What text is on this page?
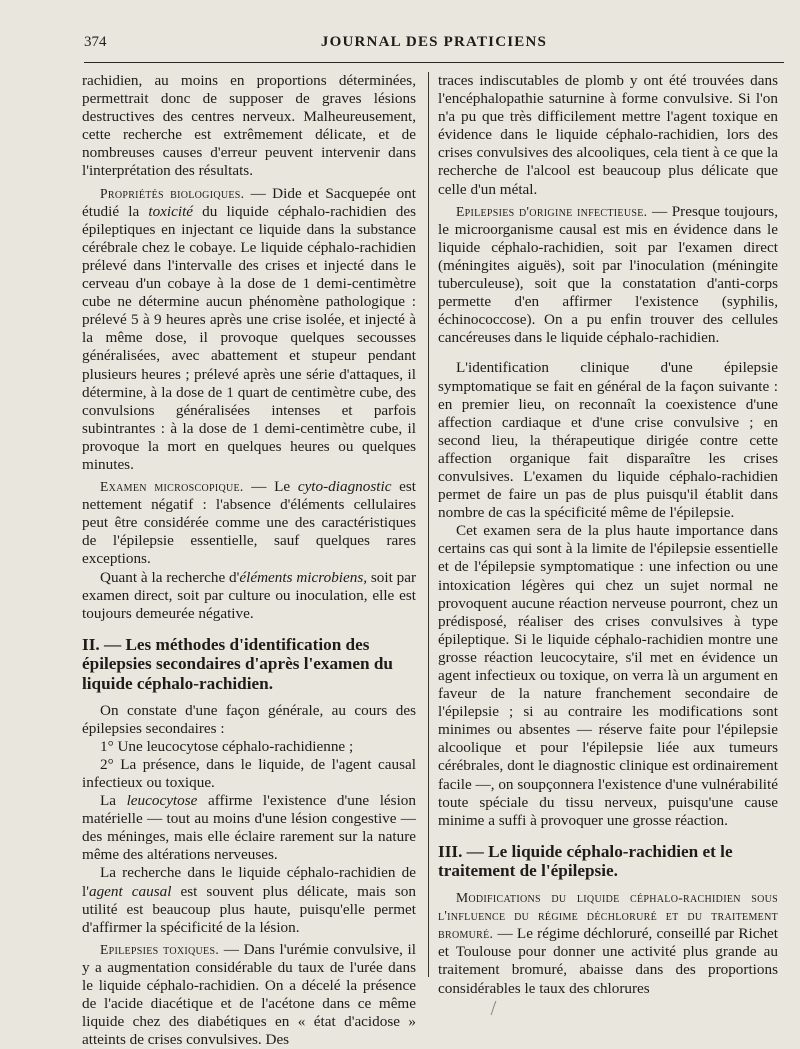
374	JOURNAL DES PRATICIENS

rachidien, au moins en proportions déterminées, permettrait donc de supposer de graves lésions destructives des centres nerveux. Malheureusement, cette recherche est extrêmement délicate, et de nombreuses causes d'erreur peuvent intervenir dans l'interprétation des résultats.

Propriétés biologiques. — Dide et Sacquepée ont étudié la toxicité du liquide céphalo-rachidien des épileptiques en injectant ce liquide dans la substance cérébrale chez le cobaye. Le liquide céphalo-rachidien prélevé dans l'intervalle des crises et injecté dans le cerveau d'un cobaye à la dose de 1 demi-centimètre cube ne détermine aucun phénomène pathologique : prélevé 5 à 9 heures après une crise isolée, et injecté à la même dose, il provoque quelques secousses généralisées, avec abattement et stupeur pendant plusieurs heures ; prélevé après une série d'attaques, il détermine, à la dose de 1 quart de centimètre cube, des convulsions généralisées intenses et parfois subintrantes : à la dose de 1 demi-centimètre cube, il provoque la mort en quelques heures ou quelques minutes.

Examen microscopique. — Le cyto-diagnostic est nettement négatif : l'absence d'éléments cellulaires peut être considérée comme une des caractéristiques de l'épilepsie essentielle, sauf quelques rares exceptions.

Quant à la recherche d'éléments microbiens, soit par examen direct, soit par culture ou inoculation, elle est toujours demeurée négative.

II. — Les méthodes d'identification des épilepsies secondaires d'après l'examen du liquide céphalo-rachidien.

On constate d'une façon générale, au cours des épilepsies secondaires :

1° Une leucocytose céphalo-rachidienne ;

2° La présence, dans le liquide, de l'agent causal infectieux ou toxique.

La leucocytose affirme l'existence d'une lésion matérielle — tout au moins d'une lésion congestive — des méninges, mais elle éclaire rarement sur la nature même des altérations nerveuses.

La recherche dans le liquide céphalo-rachidien de l'agent causal est souvent plus délicate, mais son utilité est beaucoup plus haute, puisqu'elle permet d'affirmer la spécificité de la lésion.

Epilepsies toxiques. — Dans l'urémie convulsive, il y a augmentation considérable du taux de l'urée dans le liquide céphalo-rachidien. On a décelé la présence de l'acide diacétique et de l'acétone dans ce même liquide chez des diabétiques en « état d'acidose » atteints de crises convulsives. Des

traces indiscutables de plomb y ont été trouvées dans l'encéphalopathie saturnine à forme convulsive. Si l'on n'a pu que très difficilement mettre l'agent toxique en évidence dans le liquide céphalo-rachidien, lors des crises convulsives des alcooliques, cela tient à ce que la recherche de l'alcool est beaucoup plus délicate que celle d'un métal.

Epilepsies d'origine infectieuse. — Presque toujours, le microorganisme causal est mis en évidence dans le liquide céphalo-rachidien, soit par l'examen direct (méningites aiguës), soit par l'inoculation (méningite tuberculeuse), soit que la constatation d'anti-corps permette d'en affirmer l'existence (syphilis, échinococcose). On a pu enfin trouver des cellules cancéreuses dans le liquide céphalo-rachidien.

L'identification clinique d'une épilepsie symptomatique se fait en général de la façon suivante : en premier lieu, on reconnaît la coexistence d'une affection cardiaque et d'une crise convulsive ; en second lieu, la thérapeutique dirigée contre cette affection organique fait disparaître les crises convulsives. L'examen du liquide céphalo-rachidien permet de faire un pas de plus puisqu'il établit dans nombre de cas la spécificité même de l'épilepsie.

Cet examen sera de la plus haute importance dans certains cas qui sont à la limite de l'épilepsie essentielle et de l'épilepsie symptomatique : une infection ou une intoxication légères qui chez un sujet normal ne provoquent aucune réaction nerveuse pourront, chez un prédisposé, réaliser des crises convulsives à type épileptique. Si le liquide céphalo-rachidien montre une grosse réaction leucocytaire, s'il met en évidence un agent infectieux ou toxique, on verra là un argument en faveur de la nature franchement secondaire de l'épilepsie ; si au contraire les modifications sont minimes ou absentes — réserve faite pour l'épilepsie alcoolique et pour l'épilepsie liée aux tumeurs cérébrales, dont le diagnostic clinique est ordinairement facile —, on soupçonnera l'existence d'une vulnérabilité toute spéciale du tissu nerveux, puisqu'une cause minime a suffi à provoquer une grosse réaction.

III. — Le liquide céphalo-rachidien et le traitement de l'épilepsie.

Modifications du liquide céphalo-rachidien sous l'influence du régime déchloruré et du traitement bromuré. — Le régime déchloruré, conseillé par Richet et Toulouse pour donner une activité plus grande au traitement bromuré, abaisse dans des proportions considérables le taux des chlorures
